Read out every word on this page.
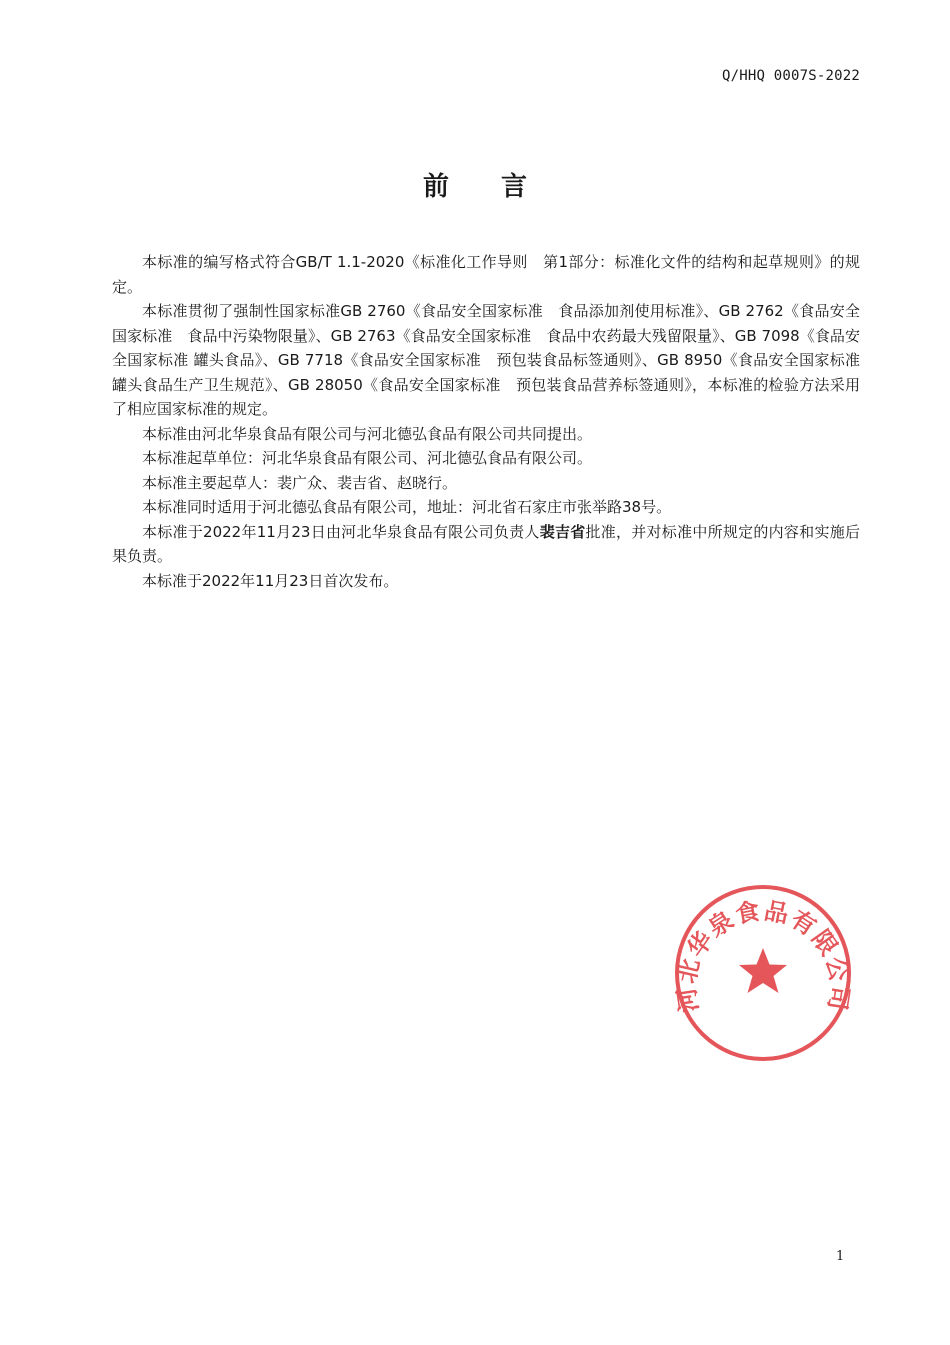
Q/HHQ 0007S-2022
前 言

本标准的编写格式符合GB/T 1.1-2020《标准化工作导则　第1部分：标准化文件的结构和起草规则》的规定。

本标准贯彻了强制性国家标准GB 2760《食品安全国家标准　食品添加剂使用标准》、GB 2762《食品安全国家标准　食品中污染物限量》、GB 2763《食品安全国家标准　食品中农药最大残留限量》、GB 7098《食品安全国家标准 罐头食品》、GB 7718《食品安全国家标准　预包装食品标签通则》、GB 8950《食品安全国家标准　罐头食品生产卫生规范》、GB 28050《食品安全国家标准　预包装食品营养标签通则》，本标准的检验方法采用了相应国家标准的规定。

本标准由河北华泉食品有限公司与河北德弘食品有限公司共同提出。

本标准起草单位：河北华泉食品有限公司、河北德弘食品有限公司。

本标准主要起草人：裴广众、裴吉省、赵晓行。

本标准同时适用于河北德弘食品有限公司，地址：河北省石家庄市张举路38号。

本标准于2022年11月23日由河北华泉食品有限公司负责人裴吉省批准，并对标准中所规定的内容和实施后果负责。

本标准于2022年11月23日首次发布。

河北华泉食品有限公司
1
